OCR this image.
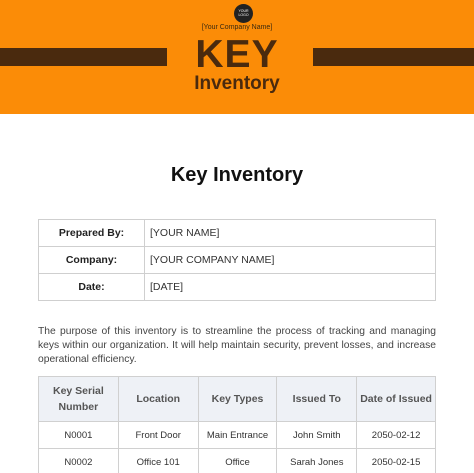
YOUR LOGO
[Your Company Name]
KEY
Inventory
Key Inventory
Prepared By:	[YOUR NAME]
Company:	[YOUR COMPANY NAME]
Date:	[DATE]

The purpose of this inventory is to streamline the process of tracking and managing keys within our organization. It will help maintain security, prevent losses, and increase operational efficiency.

Key Serial Number	Location	Key Types	Issued To	Date of Issued
N0001	Front Door	Main Entrance	John Smith	2050-02-12
N0002	Office 101	Office	Sarah Jones	2050-02-15
